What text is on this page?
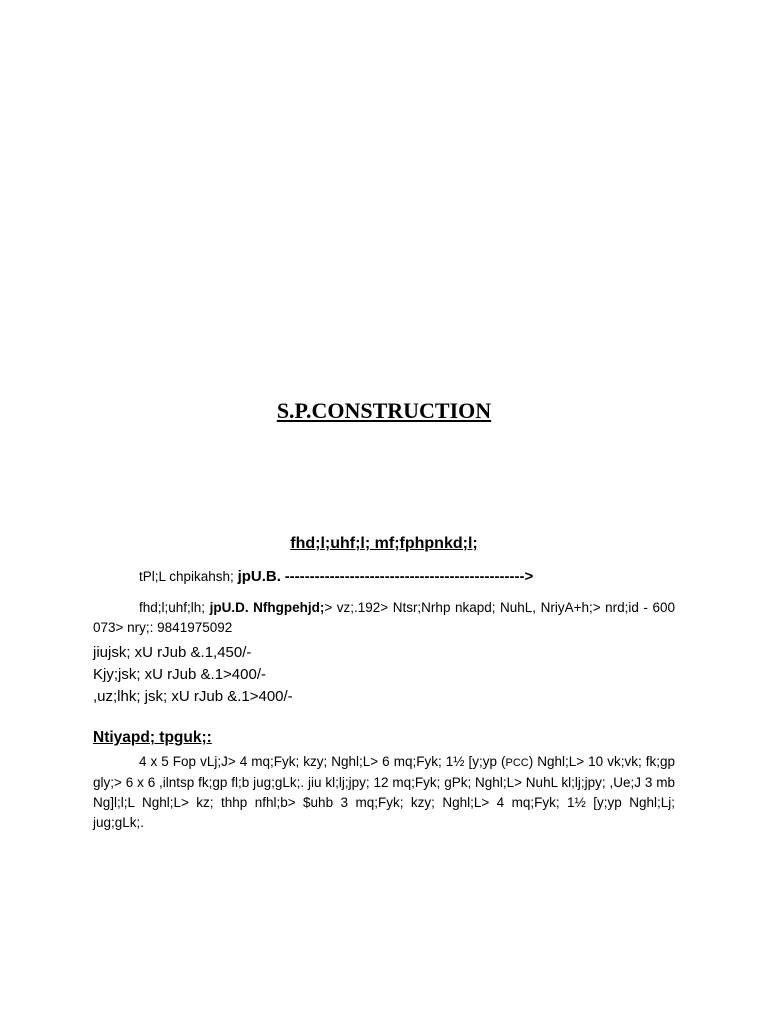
S.P.CONSTRUCTION
fhd;l;uhf;l; mf;fphpnkd;l;
tPl;L chpikahsh; jpU.B. ------------------------------------------------>
fhd;l;uhf;lh; jpU.D. Nfhgpehjd;> vz;.192> Ntsr;Nrhp nkapd; NuhL, NriyA+h;> nrd;id - 600 073> nry;: 9841975092
jiujsk; xU rJub &.1,450/-
Kjy;jsk; xU rJub &.1>400/-
,uz;lhk; jsk; xU rJub &.1>400/-
Ntiyapd; tpguk;:
4 x 5 Fop vLj;J> 4 mq;Fyk; kzy; Nghl;L> 6 mq;Fyk; 1½ [y;yp (PCC) Nghl;L> 10 vk;vk; fk;gp gly;> 6 x 6 ,ilntsp fk;gp fl;b jug;gLk;. jiu kl;lj;jpy; 12 mq;Fyk; gPk; Nghl;L> NuhL kl;lj;jpy; ,Ue;J 3 mb Ng]l;l;L Nghl;L> kz; thhp nfhl;b> $uhb 3 mq;Fyk; kzy; Nghl;L> 4 mq;Fyk; 1½ [y;yp Nghl;Lj; jug;gLk;.
